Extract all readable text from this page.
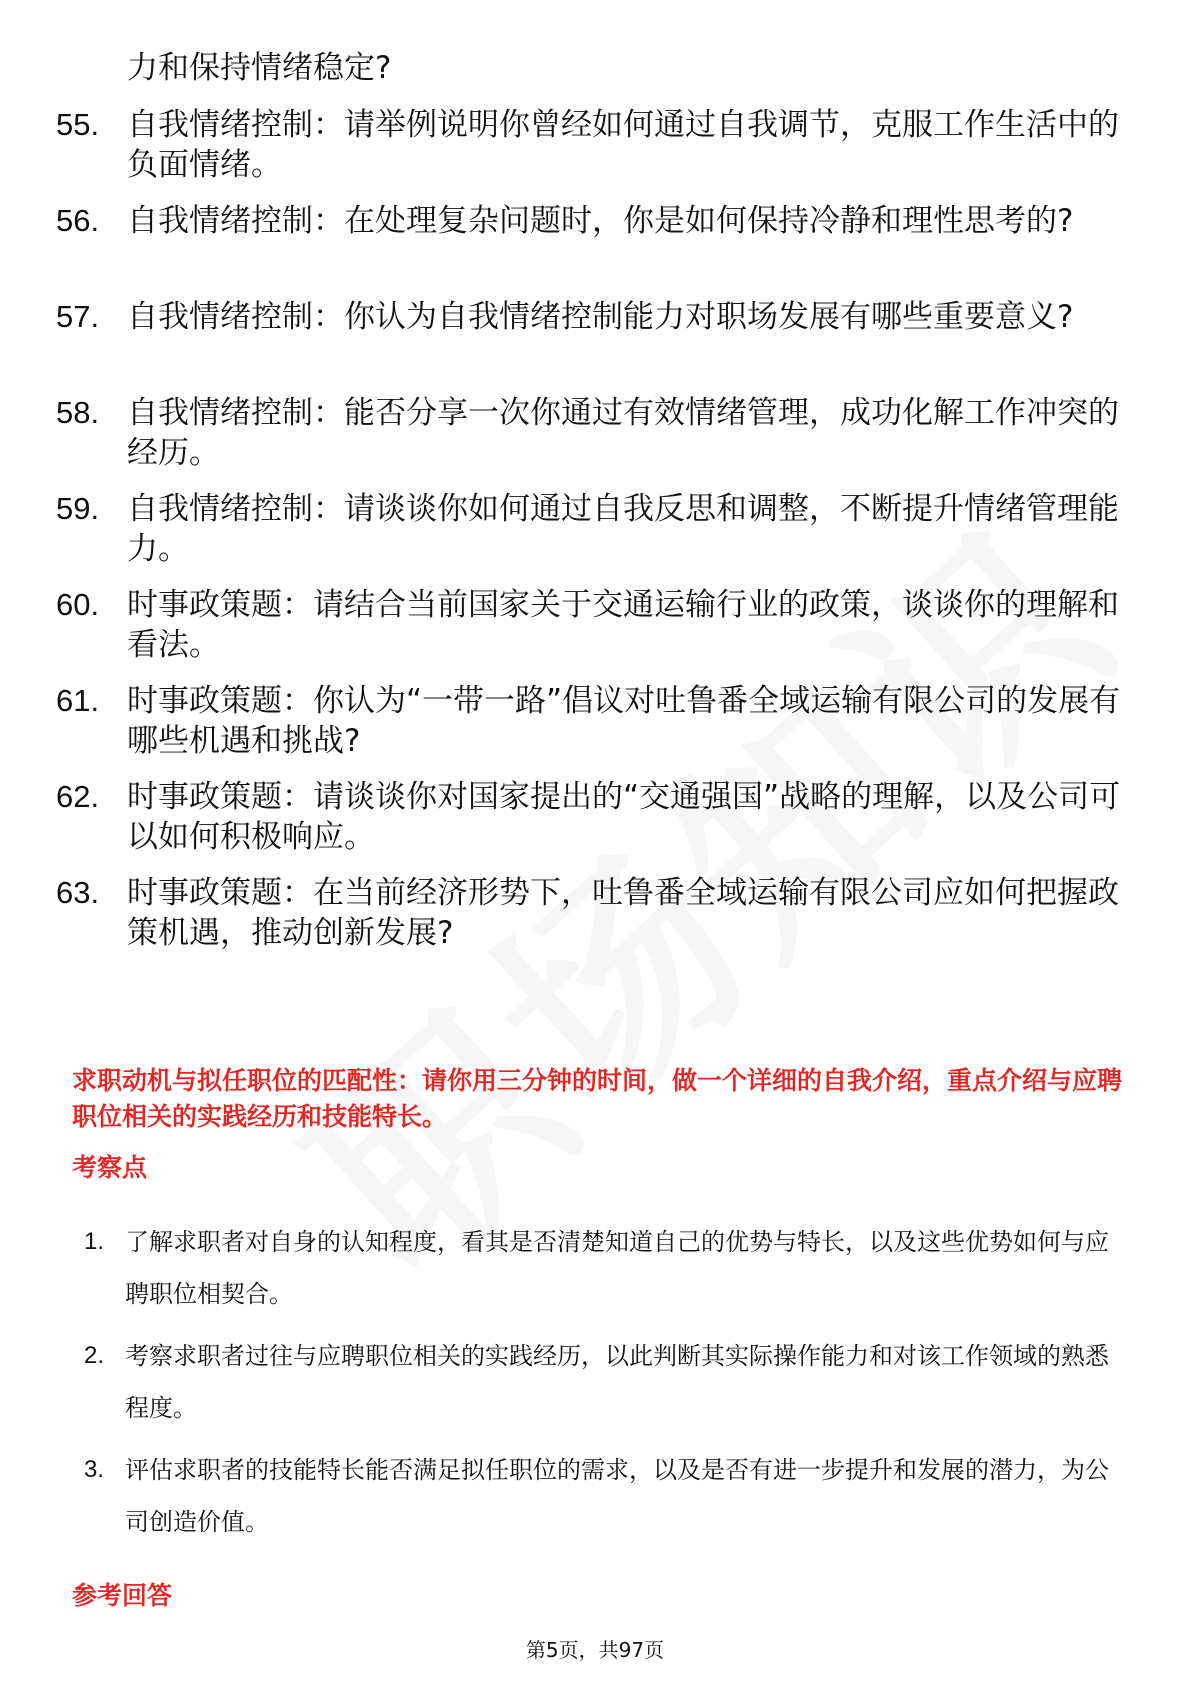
力和保持情绪稳定?
55. 自我情绪控制：请举例说明你曾经如何通过自我调节，克服工作生活中的负面情绪。
56. 自我情绪控制：在处理复杂问题时，你是如何保持冷静和理性思考的?
57. 自我情绪控制：你认为自我情绪控制能力对职场发展有哪些重要意义?
58. 自我情绪控制：能否分享一次你通过有效情绪管理，成功化解工作冲突的经历。
59. 自我情绪控制：请谈谈你如何通过自我反思和调整，不断提升情绪管理能力。
60. 时事政策题：请结合当前国家关于交通运输行业的政策，谈谈你的理解和看法。
61. 时事政策题：你认为“一带一路”倡议对吐鲁番全域运输有限公司的发展有哪些机遇和挑战?
62. 时事政策题：请谈谈你对国家提出的“交通强国”战略的理解，以及公司可以如何积极响应。
63. 时事政策题：在当前经济形势下，吐鲁番全域运输有限公司应如何把握政策机遇，推动创新发展?
求职动机与拟任职位的匹配性：请你用三分钟的时间，做一个详细的自我介绍，重点介绍与应聘职位相关的实践经历和技能特长。
考察点
1. 了解求职者对自身的认知程度，看其是否清楚知道自己的优势与特长，以及这些优势如何与应聘职位相契合。
2. 考察求职者过往与应聘职位相关的实践经历，以此判断其实际操作能力和对该工作领域的熟悉程度。
3. 评估求职者的技能特长能否满足拟任职位的需求，以及是否有进一步提升和发展的潜力，为公司创造价值。
参考回答
第5页，共97页
